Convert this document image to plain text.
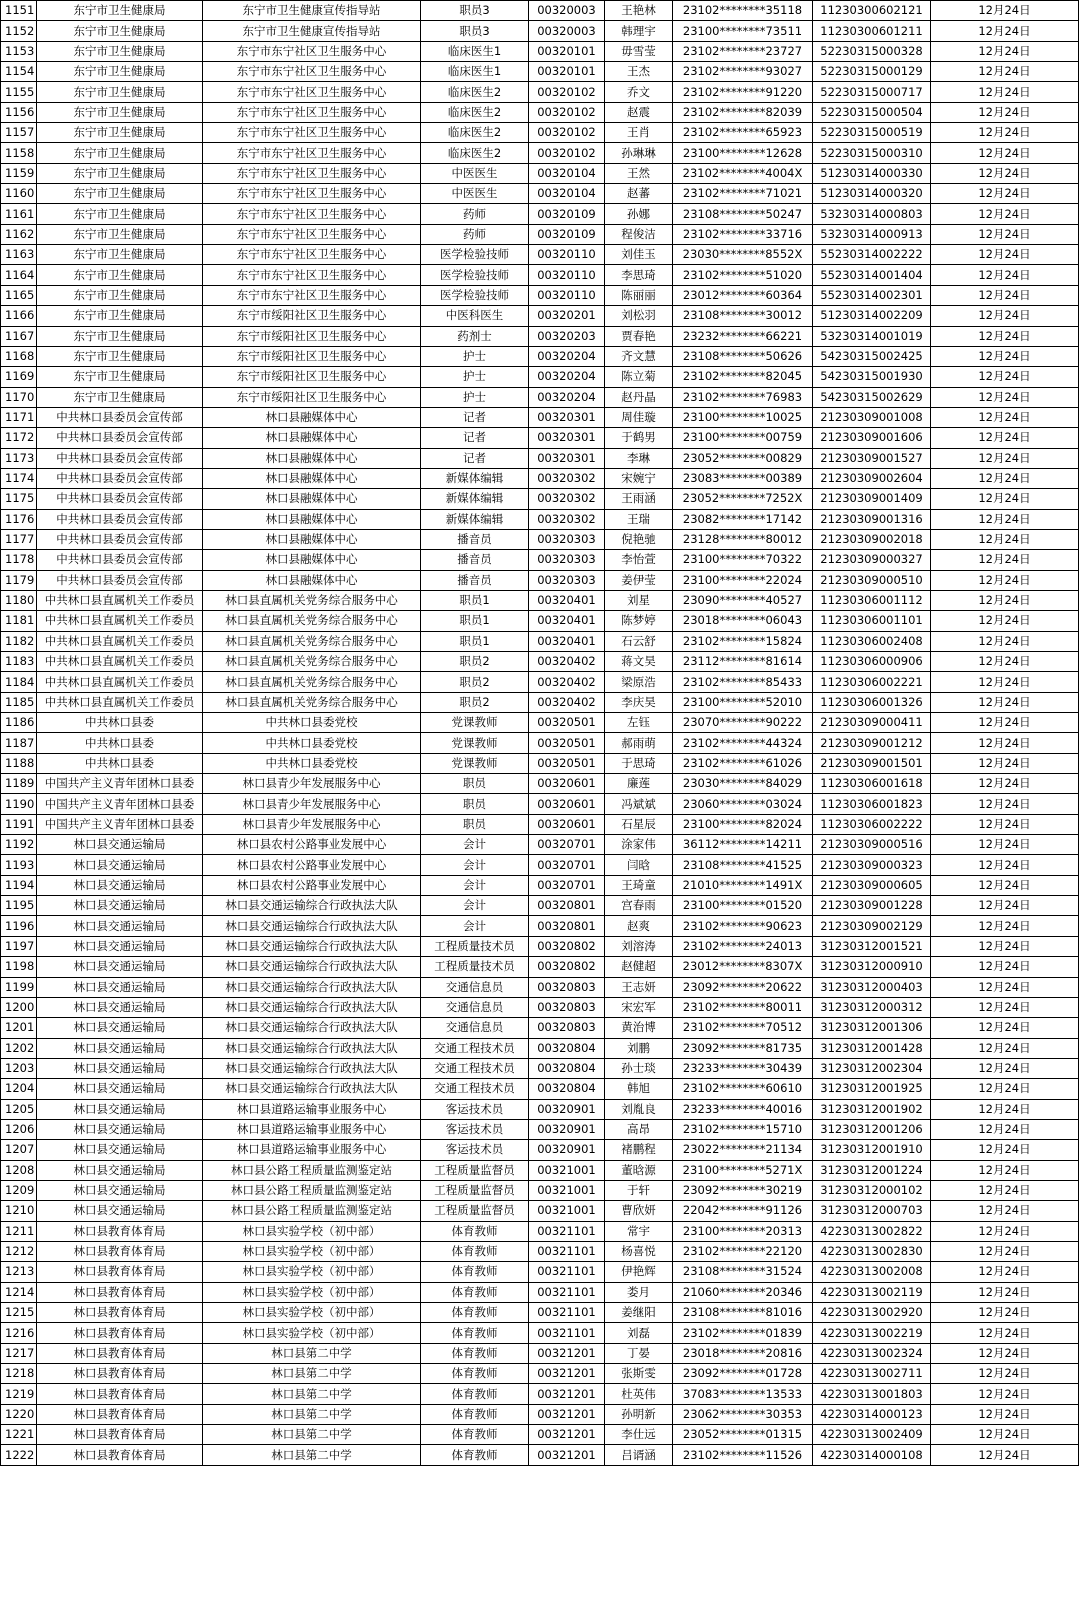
1151	东宁市卫生健康局	东宁市卫生健康宣传指导站	职员3	00320003	王艳林	23102********35118	11230300602121	12月24日
1152	东宁市卫生健康局	东宁市卫生健康宣传指导站	职员3	00320003	韩理宇	23100********73511	11230300601211	12月24日
1153	东宁市卫生健康局	东宁市东宁社区卫生服务中心	临床医生1	00320101	毋雪莹	23102********23727	52230315000328	12月24日
1154	东宁市卫生健康局	东宁市东宁社区卫生服务中心	临床医生1	00320101	王杰	23102********93027	52230315000129	12月24日
1155	东宁市卫生健康局	东宁市东宁社区卫生服务中心	临床医生2	00320102	乔文	23102********91220	52230315000717	12月24日
1156	东宁市卫生健康局	东宁市东宁社区卫生服务中心	临床医生2	00320102	赵震	23102********82039	52230315000504	12月24日
1157	东宁市卫生健康局	东宁市东宁社区卫生服务中心	临床医生2	00320102	王肖	23102********65923	52230315000519	12月24日
1158	东宁市卫生健康局	东宁市东宁社区卫生服务中心	临床医生2	00320102	孙琳琳	23100********12628	52230315000310	12月24日
1159	东宁市卫生健康局	东宁市东宁社区卫生服务中心	中医医生	00320104	王然	23102********4004X	51230314000330	12月24日
1160	东宁市卫生健康局	东宁市东宁社区卫生服务中心	中医医生	00320104	赵蕃	23102********71021	51230314000320	12月24日
1161	东宁市卫生健康局	东宁市东宁社区卫生服务中心	药师	00320109	孙娜	23108********50247	53230314000803	12月24日
1162	东宁市卫生健康局	东宁市东宁社区卫生服务中心	药师	00320109	程俊洁	23102********33716	53230314000913	12月24日
1163	东宁市卫生健康局	东宁市东宁社区卫生服务中心	医学检验技师	00320110	刘佳玉	23030********8552X	55230314002222	12月24日
1164	东宁市卫生健康局	东宁市东宁社区卫生服务中心	医学检验技师	00320110	李思琦	23102********51020	55230314001404	12月24日
1165	东宁市卫生健康局	东宁市东宁社区卫生服务中心	医学检验技师	00320110	陈丽丽	23012********60364	55230314002301	12月24日
1166	东宁市卫生健康局	东宁市绥阳社区卫生服务中心	中医科医生	00320201	刘松羽	23108********30012	51230314002209	12月24日
1167	东宁市卫生健康局	东宁市绥阳社区卫生服务中心	药剂士	00320203	贾春艳	23232********66221	53230314001019	12月24日
1168	东宁市卫生健康局	东宁市绥阳社区卫生服务中心	护士	00320204	齐文慧	23108********50626	54230315002425	12月24日
1169	东宁市卫生健康局	东宁市绥阳社区卫生服务中心	护士	00320204	陈立菊	23102********82045	54230315001930	12月24日
1170	东宁市卫生健康局	东宁市绥阳社区卫生服务中心	护士	00320204	赵丹晶	23102********76983	54230315002629	12月24日
1171	中共林口县委员会宣传部	林口县融媒体中心	记者	00320301	周佳璇	23100********10025	21230309001008	12月24日
1172	中共林口县委员会宣传部	林口县融媒体中心	记者	00320301	于鹤男	23100********00759	21230309001606	12月24日
1173	中共林口县委员会宣传部	林口县融媒体中心	记者	00320301	李琳	23052********00829	21230309001527	12月24日
1174	中共林口县委员会宣传部	林口县融媒体中心	新媒体编辑	00320302	宋婉宁	23083********00389	21230309002604	12月24日
1175	中共林口县委员会宣传部	林口县融媒体中心	新媒体编辑	00320302	王雨涵	23052********7252X	21230309001409	12月24日
1176	中共林口县委员会宣传部	林口县融媒体中心	新媒体编辑	00320302	王瑞	23082********17142	21230309001316	12月24日
1177	中共林口县委员会宣传部	林口县融媒体中心	播音员	00320303	倪艳驰	23128********80012	21230309002018	12月24日
1178	中共林口县委员会宣传部	林口县融媒体中心	播音员	00320303	李怡萱	23100********70322	21230309000327	12月24日
1179	中共林口县委员会宣传部	林口县融媒体中心	播音员	00320303	姜伊莹	23100********22024	21230309000510	12月24日
1180	中共林口县直属机关工作委员	林口县直属机关党务综合服务中心	职员1	00320401	刘星	23090********40527	11230306001112	12月24日
1181	中共林口县直属机关工作委员	林口县直属机关党务综合服务中心	职员1	00320401	陈梦婷	23018********06043	11230306001101	12月24日
1182	中共林口县直属机关工作委员	林口县直属机关党务综合服务中心	职员1	00320401	石云舒	23102********15824	11230306002408	12月24日
1183	中共林口县直属机关工作委员	林口县直属机关党务综合服务中心	职员2	00320402	蒋文昊	23112********81614	11230306000906	12月24日
1184	中共林口县直属机关工作委员	林口县直属机关党务综合服务中心	职员2	00320402	梁原浩	23102********85433	11230306002221	12月24日
1185	中共林口县直属机关工作委员	林口县直属机关党务综合服务中心	职员2	00320402	李庆昊	23100********52010	11230306001326	12月24日
1186	中共林口县委	中共林口县委党校	党课教师	00320501	左钰	23070********90222	21230309000411	12月24日
1187	中共林口县委	中共林口县委党校	党课教师	00320501	郝雨萌	23102********44324	21230309001212	12月24日
1188	中共林口县委	中共林口县委党校	党课教师	00320501	于思琦	23102********61026	21230309001501	12月24日
1189	中国共产主义青年团林口县委	林口县青少年发展服务中心	职员	00320601	廉莲	23030********84029	11230306001618	12月24日
1190	中国共产主义青年团林口县委	林口县青少年发展服务中心	职员	00320601	冯斌斌	23060********03024	11230306001823	12月24日
1191	中国共产主义青年团林口县委	林口县青少年发展服务中心	职员	00320601	石星辰	23100********82024	11230306002222	12月24日
1192	林口县交通运输局	林口县农村公路事业发展中心	会计	00320701	涂家伟	36112********14211	21230309000516	12月24日
1193	林口县交通运输局	林口县农村公路事业发展中心	会计	00320701	闫晗	23108********41525	21230309000323	12月24日
1194	林口县交通运输局	林口县农村公路事业发展中心	会计	00320701	王琦童	21010********1491X	21230309000605	12月24日
1195	林口县交通运输局	林口县交通运输综合行政执法大队	会计	00320801	宫春雨	23100********01520	21230309001228	12月24日
1196	林口县交通运输局	林口县交通运输综合行政执法大队	会计	00320801	赵爽	23102********90623	21230309002129	12月24日
1197	林口县交通运输局	林口县交通运输综合行政执法大队	工程质量技术员	00320802	刘溶涛	23102********24013	31230312001521	12月24日
1198	林口县交通运输局	林口县交通运输综合行政执法大队	工程质量技术员	00320802	赵健超	23012********8307X	31230312000910	12月24日
1199	林口县交通运输局	林口县交通运输综合行政执法大队	交通信息员	00320803	王志妍	23092********20622	31230312000403	12月24日
1200	林口县交通运输局	林口县交通运输综合行政执法大队	交通信息员	00320803	宋宏军	23102********80011	31230312000312	12月24日
1201	林口县交通运输局	林口县交通运输综合行政执法大队	交通信息员	00320803	黄治博	23102********70512	31230312001306	12月24日
1202	林口县交通运输局	林口县交通运输综合行政执法大队	交通工程技术员	00320804	刘鹏	23092********81735	31230312001428	12月24日
1203	林口县交通运输局	林口县交通运输综合行政执法大队	交通工程技术员	00320804	孙士琰	23233********30439	31230312002304	12月24日
1204	林口县交通运输局	林口县交通运输综合行政执法大队	交通工程技术员	00320804	韩旭	23102********60610	31230312001925	12月24日
1205	林口县交通运输局	林口县道路运输事业服务中心	客运技术员	00320901	刘胤良	23233********40016	31230312001902	12月24日
1206	林口县交通运输局	林口县道路运输事业服务中心	客运技术员	00320901	高昂	23102********15710	31230312001206	12月24日
1207	林口县交通运输局	林口县道路运输事业服务中心	客运技术员	00320901	褚鹏程	23022********21134	31230312001910	12月24日
1208	林口县交通运输局	林口县公路工程质量监测鉴定站	工程质量监督员	00321001	董晗源	23100********5271X	31230312001224	12月24日
1209	林口县交通运输局	林口县公路工程质量监测鉴定站	工程质量监督员	00321001	于轩	23092********30219	31230312000102	12月24日
1210	林口县交通运输局	林口县公路工程质量监测鉴定站	工程质量监督员	00321001	曹欣妍	22042********91126	31230312000703	12月24日
1211	林口县教育体育局	林口县实验学校（初中部）	体育教师	00321101	常宇	23100********20313	42230313002822	12月24日
1212	林口县教育体育局	林口县实验学校（初中部）	体育教师	00321101	杨喜悦	23102********22120	42230313002830	12月24日
1213	林口县教育体育局	林口县实验学校（初中部）	体育教师	00321101	伊艳辉	23108********31524	42230313002008	12月24日
1214	林口县教育体育局	林口县实验学校（初中部）	体育教师	00321101	娄月	21060********20346	42230313002119	12月24日
1215	林口县教育体育局	林口县实验学校（初中部）	体育教师	00321101	姜继阳	23108********81016	42230313002920	12月24日
1216	林口县教育体育局	林口县实验学校（初中部）	体育教师	00321101	刘磊	23102********01839	42230313002219	12月24日
1217	林口县教育体育局	林口县第二中学	体育教师	00321201	丁晏	23018********20816	42230313002324	12月24日
1218	林口县教育体育局	林口县第二中学	体育教师	00321201	张斯雯	23092********01728	42230313002711	12月24日
1219	林口县教育体育局	林口县第二中学	体育教师	00321201	杜英伟	37083********13533	42230313001803	12月24日
1220	林口县教育体育局	林口县第二中学	体育教师	00321201	孙明新	23062********30353	42230314000123	12月24日
1221	林口县教育体育局	林口县第二中学	体育教师	00321201	李仕远	23052********01315	42230313002409	12月24日
1222	林口县教育体育局	林口县第二中学	体育教师	00321201	吕谞涵	23102********11526	42230314000108	12月24日
